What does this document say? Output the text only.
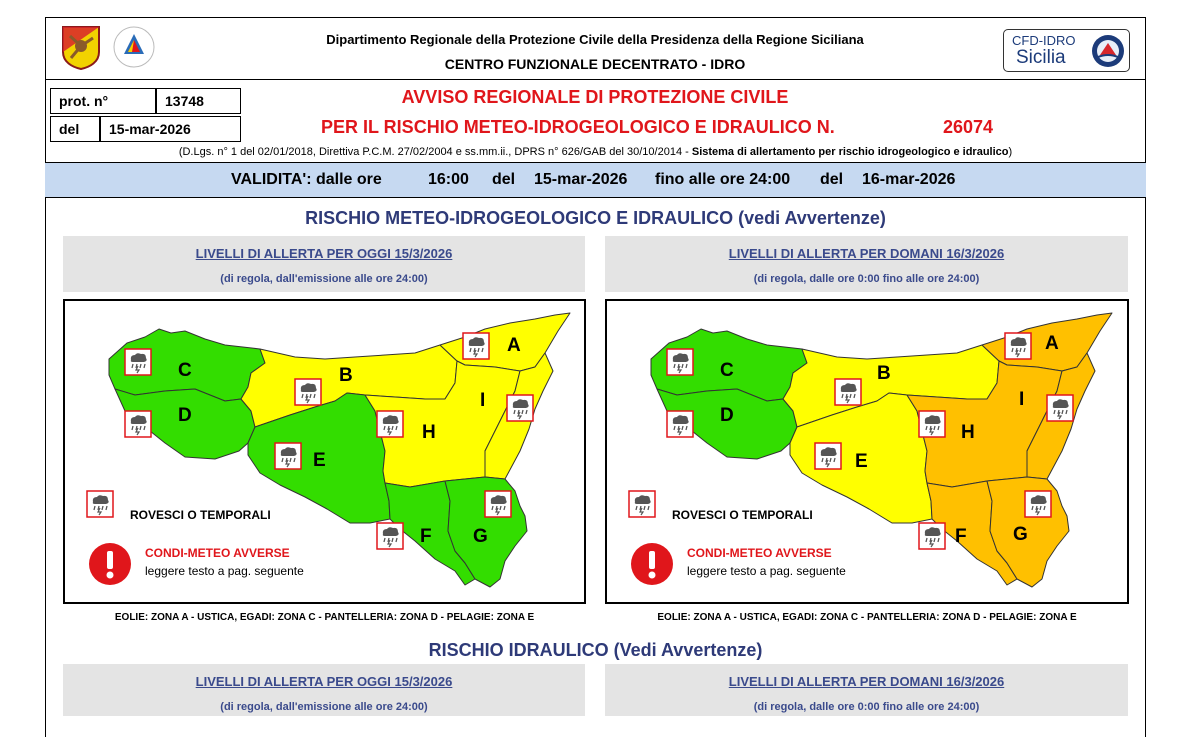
Dipartimento Regionale della Protezione Civile della Presidenza della Regione Siciliana
CENTRO FUNZIONALE DECENTRATO - IDRO
CFD-IDRO
Sicilia
prot. n°	13748
del 15-mar-2026
AVVISO REGIONALE DI PROTEZIONE CIVILE
PER IL RISCHIO METEO-IDROGEOLOGICO E IDRAULICO N.	26074
(D.Lgs. n° 1 del 02/01/2018, Direttiva P.C.M. 27/02/2004 e ss.mm.ii., DPRS n° 626/GAB del 30/10/2014 - Sistema di allertamento per rischio idrogeologico e idraulico)
VALIDITA': dalle ore	16:00 del 15-mar-2026 fino alle ore 24:00 del 16-mar-2026
RISCHIO METEO-IDROGEOLOGICO E IDRAULICO (vedi Avvertenze)
LIVELLI DI ALLERTA PER OGGI 15/3/2026
(di regola, dall'emissione alle ore 24:00)
LIVELLI DI ALLERTA PER DOMANI 16/3/2026
(di regola, dalle ore 0:00 fino alle ore 24:00)
C
D
B
A
I
H
E
F G
ROVESCI O TEMPORALI
CONDI-METEO AVVERSE
leggere testo a pag. seguente
C
D
B
A
I
H
E
F G
ROVESCI O TEMPORALI
CONDI-METEO AVVERSE
leggere testo a pag. seguente
EOLIE: ZONA A - USTICA, EGADI: ZONA C - PANTELLERIA: ZONA D - PELAGIE: ZONA E	EOLIE: ZONA A - USTICA, EGADI: ZONA C - PANTELLERIA: ZONA D - PELAGIE: ZONA E
RISCHIO IDRAULICO (Vedi Avvertenze)
LIVELLI DI ALLERTA PER OGGI 15/3/2026
(di regola, dall'emissione alle ore 24:00)
LIVELLI DI ALLERTA PER DOMANI 16/3/2026
(di regola, dalle ore 0:00 fino alle ore 24:00)
